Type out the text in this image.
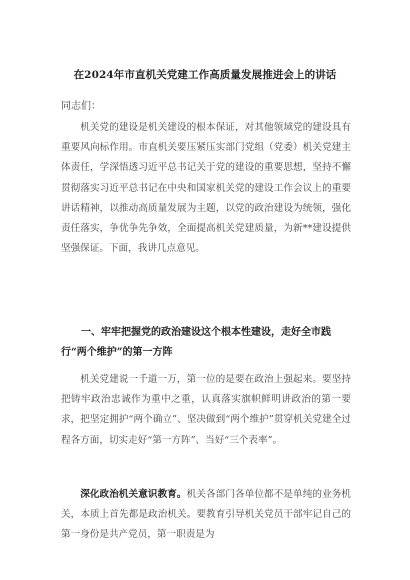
在2024年市直机关党建工作高质量发展推进会上的讲话
同志们：

机关党的建设是机关建设的根本保证，对其他领域党的建设具有重要风向标作用。市直机关要压紧压实部门党组（党委）机关党建主体责任，学深悟透习近平总书记关于党的建设的重要思想，坚持不懈贯彻落实习近平总书记在中央和国家机关党的建设工作会议上的重要讲话精神，以推动高质量发展为主题，以党的政治建设为统领，强化责任落实，争优争先争效，全面提高机关党建质量，为新**建设提供坚强保证。下面，我讲几点意见。

一、牢牢把握党的政治建设这个根本性建设，走好全市践行“两个维护”的第一方阵

机关党建说一千道一万，第一位的是要在政治上强起来。要坚持把铸牢政治忠诚作为重中之重，认真落实旗帜鲜明讲政治的第一要求，把坚定拥护“两个确立”、坚决做到“两个维护”贯穿机关党建全过程各方面，切实走好“第一方阵”、当好“三个表率”。

深化政治机关意识教育。机关各部门各单位都不是单纯的业务机关，本质上首先都是政治机关。要教育引导机关党员干部牢记自己的第一身份是共产党员，第一职责是为
